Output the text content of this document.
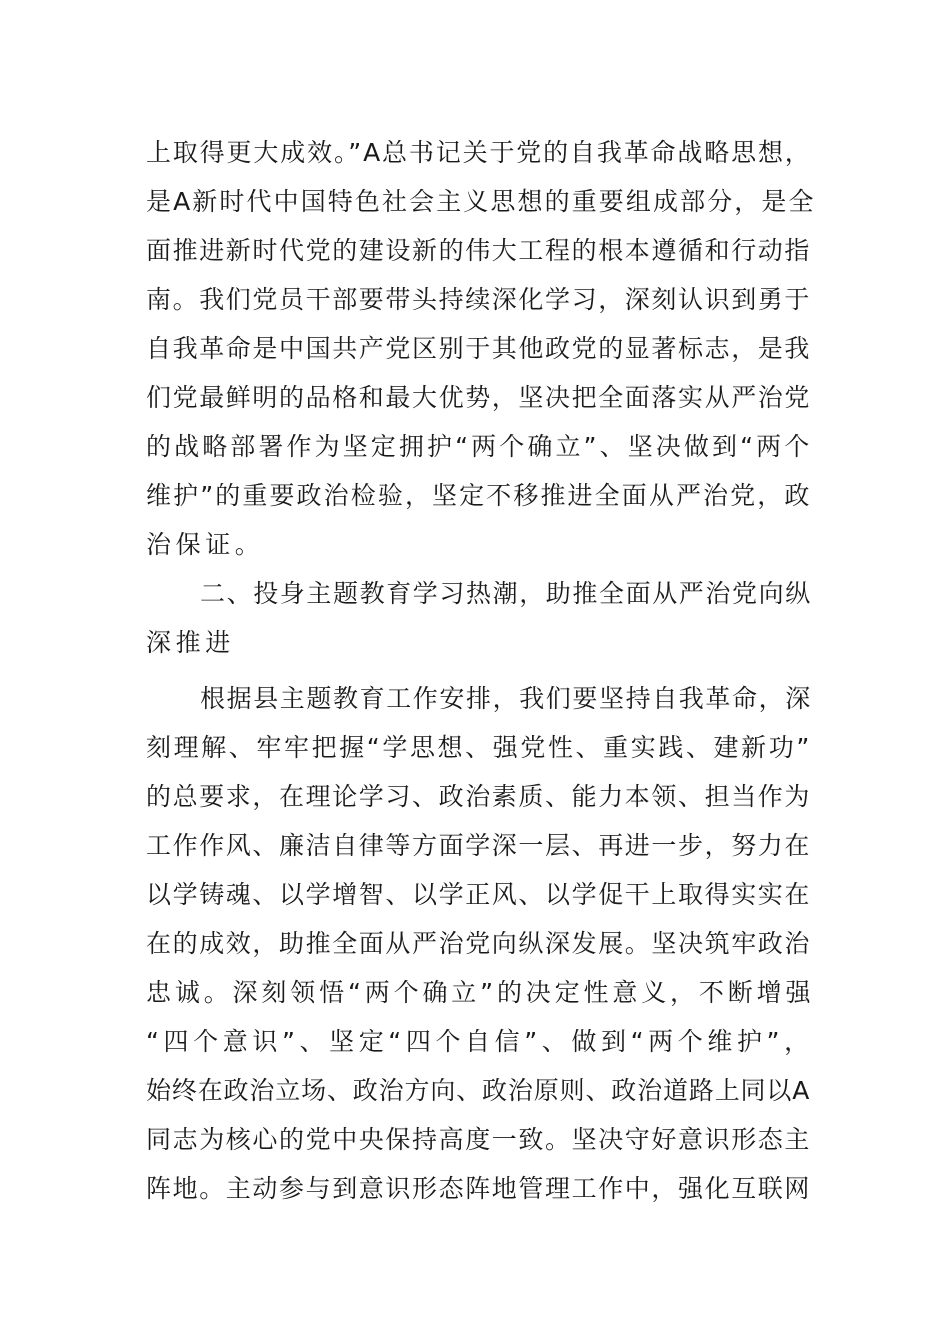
上取得更大成效。”A总书记关于党的自我革命战略思想，
是A新时代中国特色社会主义思想的重要组成部分，是全
面推进新时代党的建设新的伟大工程的根本遵循和行动指
南。我们党员干部要带头持续深化学习，深刻认识到勇于
自我革命是中国共产党区别于其他政党的显著标志，是我
们党最鲜明的品格和最大优势，坚决把全面落实从严治党
的战略部署作为坚定拥护“两个确立”、坚决做到“两个
维护”的重要政治检验，坚定不移推进全面从严治党，政
治保证。
二、投身主题教育学习热潮，助推全面从严治党向纵
深推进
根据县主题教育工作安排，我们要坚持自我革命，深
刻理解、牢牢把握“学思想、强党性、重实践、建新功”
的总要求，在理论学习、政治素质、能力本领、担当作为
工作作风、廉洁自律等方面学深一层、再进一步，努力在
以学铸魂、以学增智、以学正风、以学促干上取得实实在
在的成效，助推全面从严治党向纵深发展。坚决筑牢政治
忠诚。深刻领悟“两个确立”的决定性意义，不断增强
“四个意识”、坚定“四个自信”、做到“两个维护”，
始终在政治立场、政治方向、政治原则、政治道路上同以A
同志为核心的党中央保持高度一致。坚决守好意识形态主
阵地。主动参与到意识形态阵地管理工作中，强化互联网
